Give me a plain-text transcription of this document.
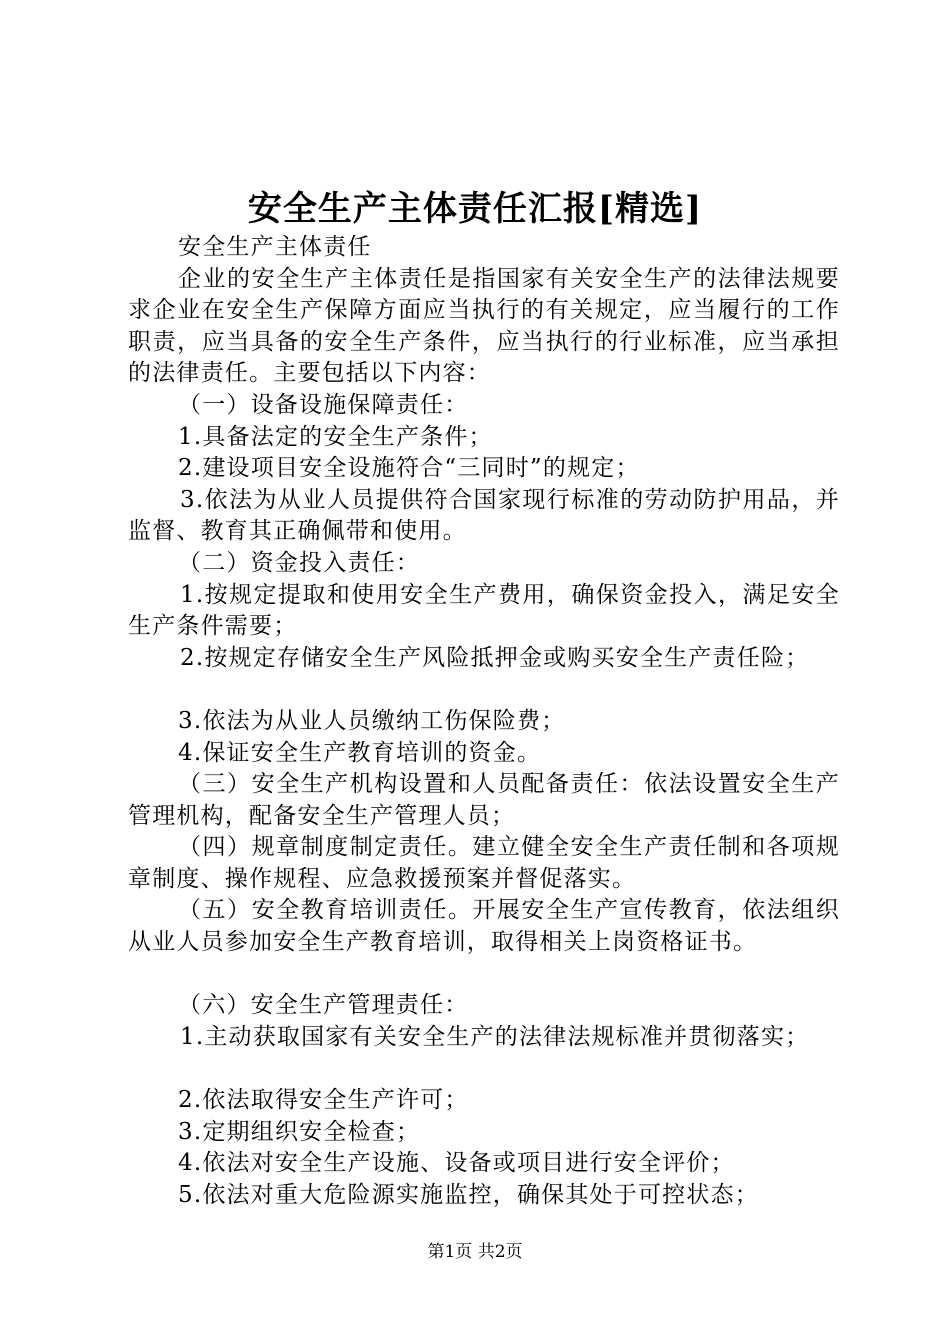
安全生产主体责任汇报[精选]

安全生产主体责任

企业的安全生产主体责任是指国家有关安全生产的法律法规要求企业在安全生产保障方面应当执行的有关规定，应当履行的工作职责，应当具备的安全生产条件，应当执行的行业标准，应当承担的法律责任。主要包括以下内容：

（一）设备设施保障责任：

1.具备法定的安全生产条件；

2.建设项目安全设施符合“三同时”的规定；

3.依法为从业人员提供符合国家现行标准的劳动防护用品，并监督、教育其正确佩带和使用。

（二）资金投入责任：

1.按规定提取和使用安全生产费用，确保资金投入，满足安全生产条件需要；

2.按规定存储安全生产风险抵押金或购买安全生产责任险；

3.依法为从业人员缴纳工伤保险费；

4.保证安全生产教育培训的资金。

（三）安全生产机构设置和人员配备责任：依法设置安全生产管理机构，配备安全生产管理人员；

（四）规章制度制定责任。建立健全安全生产责任制和各项规章制度、操作规程、应急救援预案并督促落实。

（五）安全教育培训责任。开展安全生产宣传教育，依法组织从业人员参加安全生产教育培训，取得相关上岗资格证书。

（六）安全生产管理责任：

1.主动获取国家有关安全生产的法律法规标准并贯彻落实；

2.依法取得安全生产许可；

3.定期组织安全检查；

4.依法对安全生产设施、设备或项目进行安全评价；

5.依法对重大危险源实施监控，确保其处于可控状态；

第1页 共2页
